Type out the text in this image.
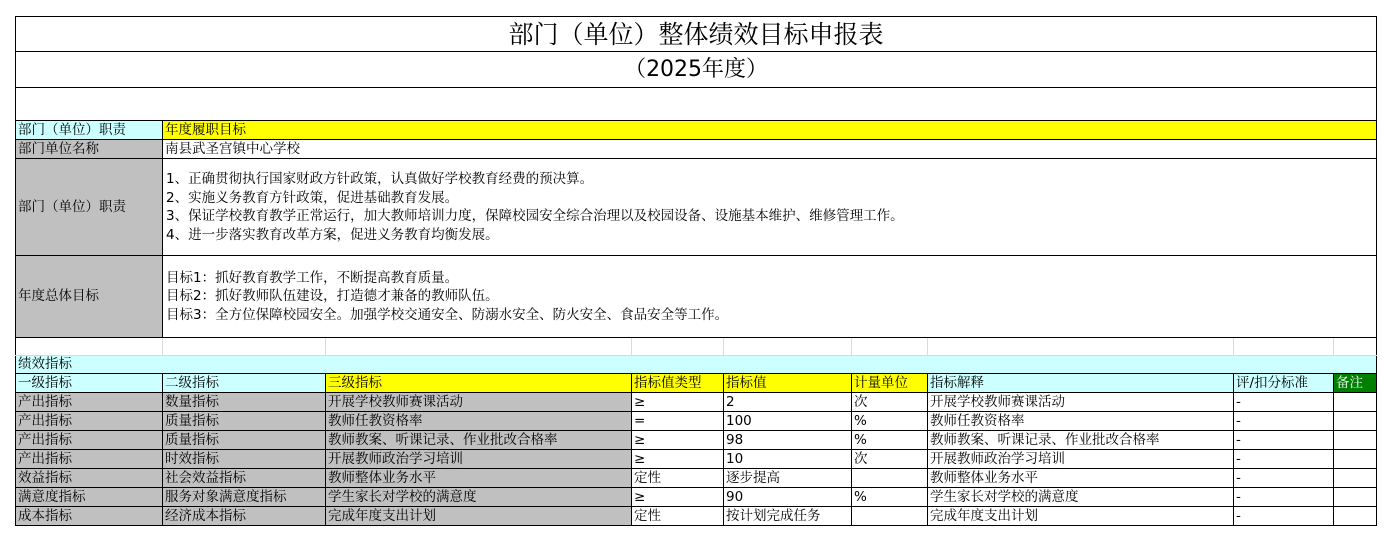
部门（单位）整体绩效目标申报表								
（2025年度）								

部门（单位）职责	年度履职目标							
部门单位名称	南县武圣宫镇中心学校							
部门（单位）职责	1、正确贯彻执行国家财政方针政策，认真做好学校教育经费的预决算。
2、实施义务教育方针政策，促进基础教育发展。
3、保证学校教育教学正常运行，加大教师培训力度，保障校园安全综合治理以及校园设备、设施基本维护、维修管理工作。
4、进一步落实教育改革方案，促进义务教育均衡发展。							

年度总体目标	目标1：抓好教育教学工作，不断提高教育质量。
目标2：抓好教师队伍建设，打造德才兼备的教师队伍。
目标3：全方位保障校园安全。加强学校交通安全、防溺水安全、防火安全、食品安全等工作。							

绩效指标								
一级指标	二级指标	三级指标	指标值类型	指标值	计量单位	指标解释	评/扣分标准	备注
产出指标	数量指标	开展学校教师赛课活动	≥	2	次	开展学校教师赛课活动	-	
产出指标	质量指标	教师任教资格率	=	100	%	教师任教资格率	-	
产出指标	质量指标	教师教案、听课记录、作业批改合格率	≥	98	%	教师教案、听课记录、作业批改合格率	-	
产出指标	时效指标	开展教师政治学习培训	≥	10	次	开展教师政治学习培训	-	
效益指标	社会效益指标	教师整体业务水平	定性	逐步提高		教师整体业务水平	-	
满意度指标	服务对象满意度指标	学生家长对学校的满意度	≥	90	%	学生家长对学校的满意度	-	
成本指标	经济成本指标	完成年度支出计划	定性	按计划完成任务		完成年度支出计划	-	
